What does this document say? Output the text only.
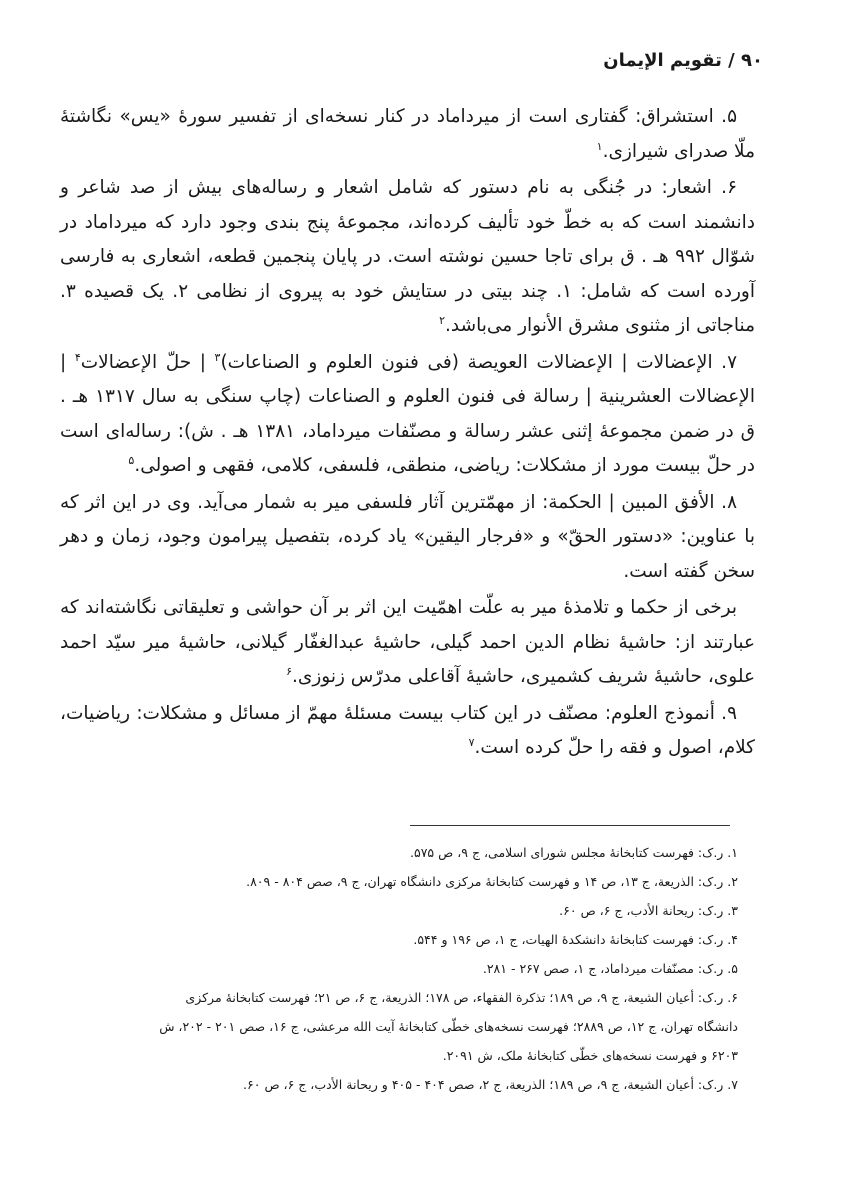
۹۰ / تقویم الإیمان

۵. استشراق: گفتاری است از میرداماد در کنار نسخه‌ای از تفسیر سورهٔ «یس» نگاشتهٔ ملّا صدرای شیرازی.$^۱$

۶. اشعار: در جُنگی به نام دستور که شامل اشعار و رساله‌های بیش از صد شاعر و دانشمند است که به خطّ خود تألیف کرده‌اند، مجموعهٔ پنج بندی وجود دارد که میرداماد در شوّال ۹۹۲ هـ . ق برای تاجا حسین نوشته است. در پایان پنجمین قطعه، اشعاری به فارسی آورده است که شامل: ۱. چند بیتی در ستایش خود به پیروی از نظامی ۲. یک قصیده ۳. مناجاتی از مثنوی مشرق الأنوار می‌باشد.$^۲$

۷. الإعضالات | الإعضالات العویصة (فی فنون العلوم و الصناعات)$^۳$ | حلّ الإعضالات$^۴$ | الإعضالات العشرینیة | رسالة فی فنون العلوم و الصناعات (چاپ سنگی به سال ۱۳۱۷ هـ . ق در ضمن مجموعهٔ إثنی عشر رسالة و مصنّفات میرداماد، ۱۳۸۱ هـ . ش): رساله‌ای است در حلّ بیست مورد از مشکلات: ریاضی، منطقی، فلسفی، کلامی، فقهی و اصولی.$^۵$

۸. الأفق المبین | الحکمة: از مهمّترین آثار فلسفی میر به شمار می‌آید. وی در این اثر که با عناوین: «دستور الحقّ» و «فرجار الیقین» یاد کرده، بتفصیل پیرامون وجود، زمان و دهر سخن گفته است.

برخی از حکما و تلامذهٔ میر به علّت اهمّیت این اثر بر آن حواشی و تعلیقاتی نگاشته‌اند که عبارتند از: حاشیهٔ نظام الدین احمد گیلی، حاشیهٔ عبدالغفّار گیلانی، حاشیهٔ میر سیّد احمد علوی، حاشیهٔ شریف کشمیری، حاشیهٔ آقاعلی مدرّس زنوزی.$^۶$

۹. أنموذج العلوم: مصنّف در این کتاب بیست مسئلهٔ مهمّ از مسائل و مشکلات: ریاضیات، کلام، اصول و فقه را حلّ کرده است.$^۷$

۱. ر.ک: فهرست کتابخانهٔ مجلس شورای اسلامی، ج ۹، ص ۵۷۵.

۲. ر.ک: الذریعة، ج ۱۳، ص ۱۴ و فهرست کتابخانهٔ مرکزی دانشگاه تهران، ج ۹، صص ۸۰۴ - ۸۰۹.

۳. ر.ک: ریحانة الأدب، ج ۶، ص ۶۰.

۴. ر.ک: فهرست کتابخانهٔ دانشکدهٔ الهیات، ج ۱، ص ۱۹۶ و ۵۴۴.

۵. ر.ک: مصنّفات میرداماد، ج ۱، صص ۲۶۷ - ۲۸۱.

۶. ر.ک: أعیان الشیعة، ج ۹، ص ۱۸۹؛ تذکرة الفقهاء، ص ۱۷۸؛ الذریعة، ج ۶، ص ۲۱؛ فهرست کتابخانهٔ مرکزی دانشگاه تهران، ج ۱۲، ص ۲۸۸۹؛ فهرست نسخه‌های خطّی کتابخانهٔ آیت الله مرعشی، ج ۱۶، صص ۲۰۱ - ۲۰۲، ش ۶۲۰۳ و فهرست نسخه‌های خطّی کتابخانهٔ ملک، ش ۲۰۹۱.

۷. ر.ک: أعیان الشیعة، ج ۹، ص ۱۸۹؛ الذریعة، ج ۲، صص ۴۰۴ - ۴۰۵ و ریحانة الأدب، ج ۶، ص ۶۰.
